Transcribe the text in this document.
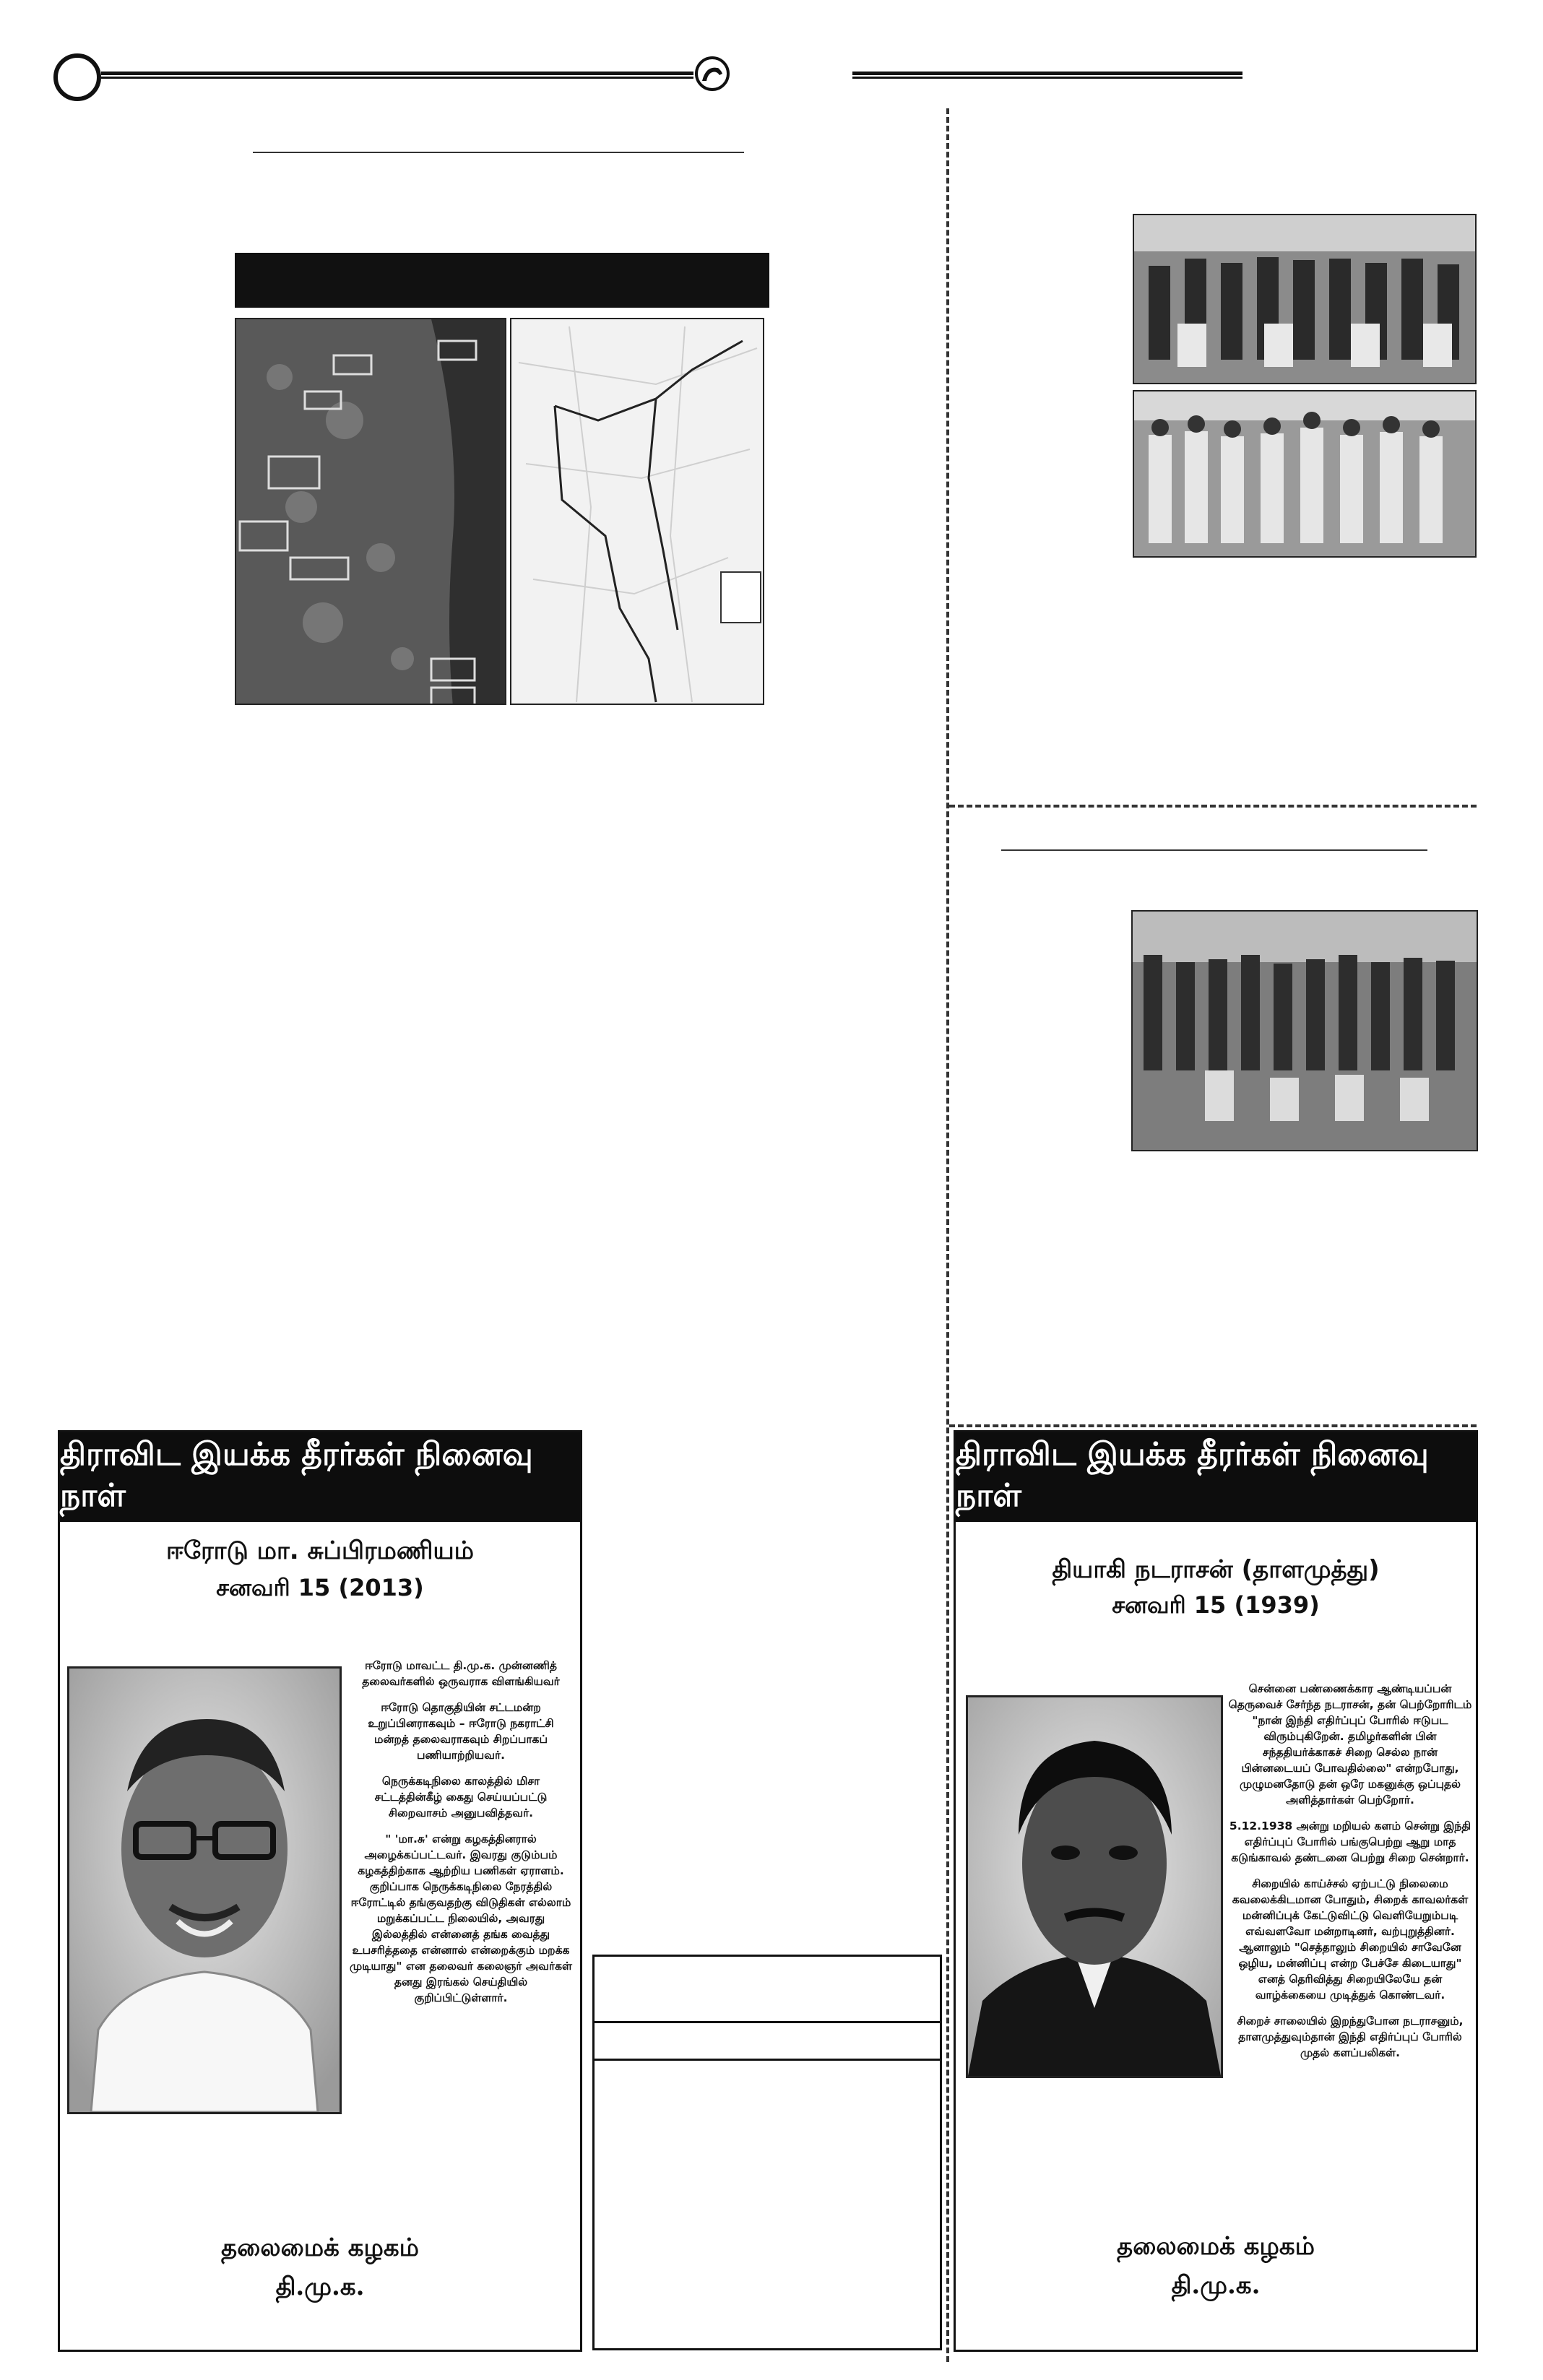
திராவிட இயக்க தீரர்கள் நினைவு நாள்
ஈரோடு மா. சுப்பிரமணியம்
சனவரி 15 (2013)

ஈரோடு மாவட்ட தி.மு.க. முன்னணித் தலைவர்களில் ஒருவராக விளங்கியவர்

ஈரோடு தொகுதியின் சட்டமன்ற உறுப்பினராகவும் – ஈரோடு நகராட்சி மன்றத் தலைவராகவும் சிறப்பாகப் பணியாற்றியவர்.

நெருக்கடிநிலை காலத்தில் மிசா சட்டத்தின்கீழ் கைது செய்யப்பட்டு சிறைவாசம் அனுபவித்தவர்.

" 'மா.சு' என்று கழகத்தினரால் அழைக்கப்பட்டவர். இவரது குடும்பம் கழகத்திற்காக ஆற்றிய பணிகள் ஏராளம். குறிப்பாக நெருக்கடிநிலை நேரத்தில் ஈரோட்டில் தங்குவதற்கு விடுதிகள் எல்லாம் மறுக்கப்பட்ட நிலையில், அவரது இல்லத்தில் என்னைத் தங்க வைத்து உபசரித்ததை என்னால் என்றைக்கும் மறக்க முடியாது" என தலைவர் கலைஞர் அவர்கள் தனது இரங்கல் செய்தியில் குறிப்பிட்டுள்ளார்.

தலைமைக் கழகம்
தி.மு.க.
திராவிட இயக்க தீரர்கள் நினைவு நாள்
தியாகி நடராசன் (தாளமுத்து)
சனவரி 15 (1939)

சென்னை பண்ணைக்கார ஆண்டியப்பன் தெருவைச் சேர்ந்த நடராசன், தன் பெற்றோரிடம் "நான் இந்தி எதிர்ப்புப் போரில் ஈடுபட விரும்புகிறேன். தமிழர்களின் பின் சந்ததியர்க்காகச் சிறை செல்ல நான் பின்னடையப் போவதில்லை" என்றபோது, முழுமனதோடு தன் ஒரே மகனுக்கு ஒப்புதல் அளித்தார்கள் பெற்றோர்.

5.12.1938 அன்று மறியல் களம் சென்று இந்தி எதிர்ப்புப் போரில் பங்குபெற்று ஆறு மாத கடுங்காவல் தண்டனை பெற்று சிறை சென்றார்.

சிறையில் காய்ச்சல் ஏற்பட்டு நிலைமை கவலைக்கிடமான போதும், சிறைக் காவலர்கள் மன்னிப்புக் கேட்டுவிட்டு வெளியேறும்படி எவ்வளவோ மன்றாடினர், வற்புறுத்தினர். ஆனாலும் "செத்தாலும் சிறையில் சாவேனே ஒழிய, மன்னிப்பு என்ற பேச்சே கிடையாது" எனத் தெரிவித்து சிறையிலேயே தன் வாழ்க்கையை முடித்துக் கொண்டவர்.

சிறைச் சாலையில் இறந்துபோன நடராசனும், தாளமுத்துவும்தான் இந்தி எதிர்ப்புப் போரில் முதல் களப்பலிகள்.

தலைமைக் கழகம்
தி.மு.க.
